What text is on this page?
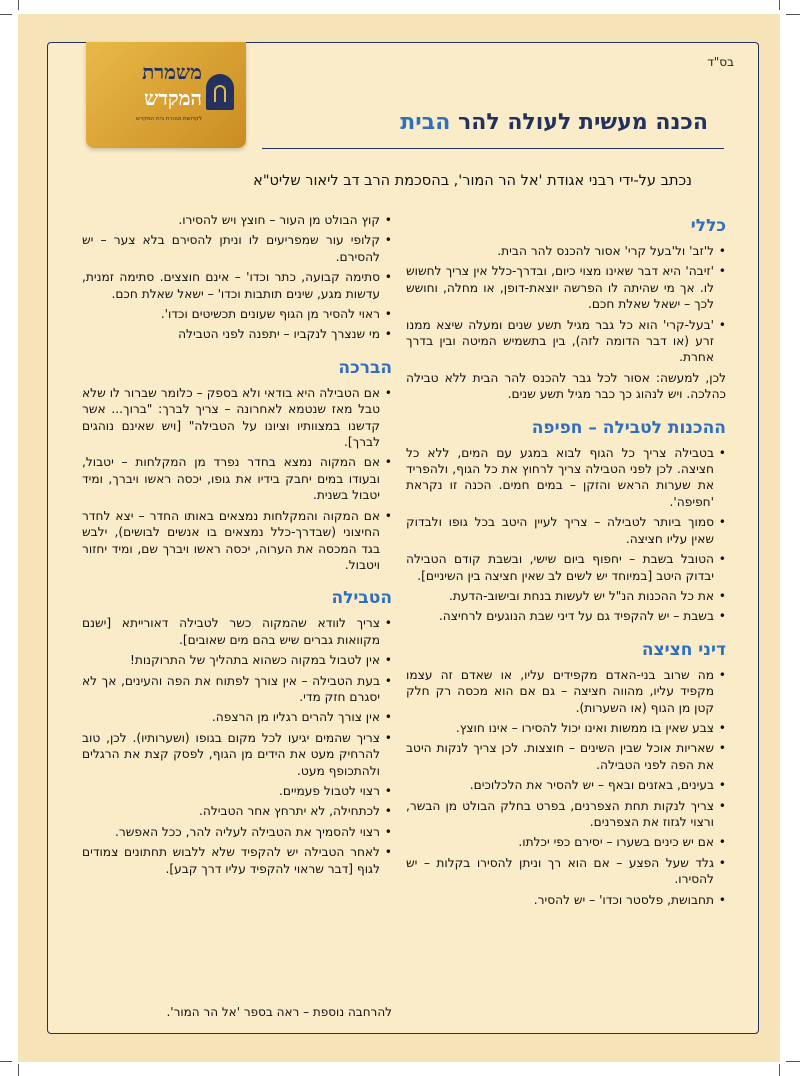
בס"ד
משמרת
המקדש
לקדושת וטהרת בית המקדש	הכנה מעשית לעולה להר הבית
נכתב על-ידי רבני אגודת 'אל הר המור', בהסכמת הרב דב ליאור שליט"א
כללי
•
ל'זב' ול'בעל קרי' אסור להכנס להר הבית.
•
'זיבה' היא דבר שאינו מצוי כיום, ובדרך-כלל אין צריך לחשוש לו. אך מי שהיתה לו הפרשה יוצאת-דופן, או מחלה, וחושש לכך – ישאל שאלת חכם.
•
'בעל-קרי' הוא כל גבר מגיל תשע שנים ומעלה שיצא ממנו זרע (או דבר הדומה לזה), בין בתשמיש המיטה ובין בדרך אחרת.
לכן, למעשה: אסור לכל גבר להכנס להר הבית ללא טבילה כהלכה. ויש לנהוג כך כבר מגיל תשע שנים.
ההכנות לטבילה – חפיפה
•
בטבילה צריך כל הגוף לבוא במגע עם המים, ללא כל חציצה. לכן לפני הטבילה צריך לרחוץ את כל הגוף, ולהפריד את שערות הראש והזקן – במים חמים. הכנה זו נקראת 'חפיפה'.
•
סמוך ביותר לטבילה – צריך לעיין היטב בכל גופו ולבדוק שאין עליו חציצה.
•
הטובל בשבת – יחפוף ביום שישי, ובשבת קודם הטבילה יבדוק היטב [במיוחד יש לשים לב שאין חציצה בין השיניים].
•
את כל ההכנות הנ"ל יש לעשות בנחת ובישוב-הדעת.
•
בשבת – יש להקפיד גם על דיני שבת הנוגעים לרחיצה.
דיני חציצה
•
מה שרוב בני-האדם מקפידים עליו, או שאדם זה עצמו מקפיד עליו, מהווה חציצה – גם אם הוא מכסה רק חלק קטן מן הגוף (או השערות).
•
צבע שאין בו ממשות ואינו יכול להסירו – אינו חוצץ.
•
שאריות אוכל שבין השינים – חוצצות. לכן צריך לנקות היטב את הפה לפני הטבילה.
•
בעינים, באזנים ובאף – יש להסיר את הלכלוכים.
•
צריך לנקות תחת הצפרנים, בפרט בחלק הבולט מן הבשר, ורצוי לגזוז את הצפרנים.
•
אם יש כינים בשערו – יסירם כפי יכלתו.
•
גלד שעל הפצע – אם הוא רך וניתן להסירו בקלות – יש להסירו.
•
תחבושת, פלסטר וכדו' – יש להסיר.
•
קוץ הבולט מן העור – חוצץ ויש להסירו.
•
קלופי עור שמפריעים לו וניתן להסירם בלא צער – יש להסירם.
•
סתימה קבועה, כתר וכדו' – אינם חוצצים. סתימה זמנית, עדשות מגע, שינים תותבות וכדו' – ישאל שאלת חכם.
•
ראוי להסיר מן הגוף שעונים תכשיטים וכדו'.
•
מי שנצרך לנקביו – יתפנה לפני הטבילה
הברכה
•
אם הטבילה היא בודאי ולא בספק – כלומר שברור לו שלא טבל מאז שנטמא לאחרונה – צריך לברך: "ברוך... אשר קדשנו במצוותיו וציונו על הטבילה" [ויש שאינם נוהגים לברך].
•
אם המקוה נמצא בחדר נפרד מן המקלחות – יטבול, ובעודו במים יחבק בידיו את גופו, יכסה ראשו ויברך, ומיד יטבול בשנית.
•
אם המקוה והמקלחות נמצאים באותו החדר – יצא לחדר החיצוני (שבדרך-כלל נמצאים בו אנשים לבושים), ילבש בגד המכסה את הערוה, יכסה ראשו ויברך שם, ומיד יחזור ויטבול.
הטבילה
•
צריך לוודא שהמקוה כשר לטבילה דאורייתא [ישנם מקוואות גברים שיש בהם מים שאובים].
•
אין לטבול במקוה כשהוא בתהליך של התרוקנות!
•
בעת הטבילה – אין צורך לפתוח את הפה והעינים, אך לא יסגרם חזק מדי.
•
אין צורך להרים רגליו מן הרצפה.
•
צריך שהמים יגיעו לכל מקום בגופו (ושערותיו). לכן, טוב להרחיק מעט את הידים מן הגוף, לפסק קצת את הרגלים ולהתכופף מעט.
•
רצוי לטבול פעמיים.
•
לכתחילה, לא יתרחץ אחר הטבילה.
•
רצוי להסמיך את הטבילה לעליה להר, ככל האפשר.
•
לאחר הטבילה יש להקפיד שלא ללבוש תחתונים צמודים לגוף [דבר שראוי להקפיד עליו דרך קבע].
להרחבה נוספת – ראה בספר 'אל הר המור'.
